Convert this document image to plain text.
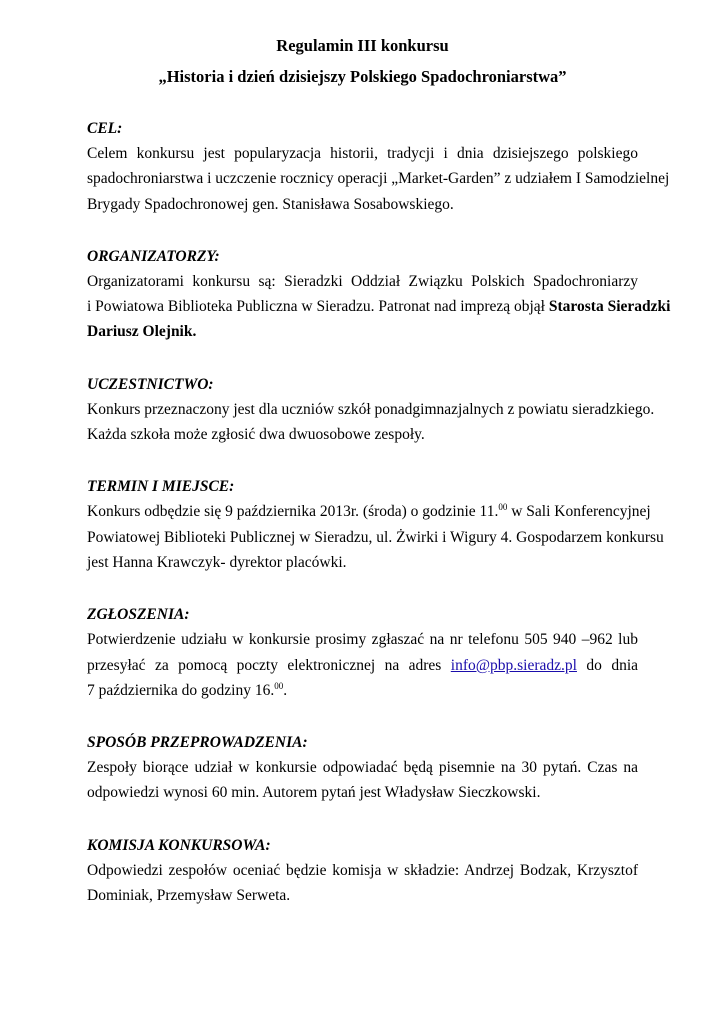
Regulamin III konkursu

„Historia i dzień dzisiejszy Polskiego Spadochroniarstwa”

CEL:

Celem konkursu jest popularyzacja historii, tradycji i dnia dzisiejszego polskiego
spadochroniarstwa i uczczenie rocznicy operacji „Market-Garden” z udziałem I Samodzielnej
Brygady Spadochronowej gen. Stanisława Sosabowskiego.

ORGANIZATORZY:

Organizatorami konkursu są: Sieradzki Oddział Związku Polskich Spadochroniarzy
i Powiatowa Biblioteka Publiczna w Sieradzu. Patronat nad imprezą objął Starosta Sieradzki
Dariusz Olejnik.

UCZESTNICTWO:

Konkurs przeznaczony jest dla uczniów szkół ponadgimnazjalnych z powiatu sieradzkiego.
Każda szkoła może zgłosić dwa dwuosobowe zespoły.

TERMIN I MIEJSCE:

Konkurs odbędzie się 9 października 2013r. (środa) o godzinie 11.00 w Sali Konferencyjnej
Powiatowej Biblioteki Publicznej w Sieradzu, ul. Żwirki i Wigury 4. Gospodarzem konkursu
jest Hanna Krawczyk- dyrektor placówki.

ZGŁOSZENIA:

Potwierdzenie udziału w konkursie prosimy zgłaszać na nr telefonu 505 940 –962 lub
przesyłać za pomocą poczty elektronicznej na adres info@pbp.sieradz.pl do dnia
7 października do godziny 16.00.

SPOSÓB PRZEPROWADZENIA:

Zespoły biorące udział w konkursie odpowiadać będą pisemnie na 30 pytań. Czas na
odpowiedzi wynosi 60 min. Autorem pytań jest Władysław Sieczkowski.

KOMISJA KONKURSOWA:

Odpowiedzi zespołów oceniać będzie komisja w składzie: Andrzej Bodzak, Krzysztof
Dominiak, Przemysław Serweta.
